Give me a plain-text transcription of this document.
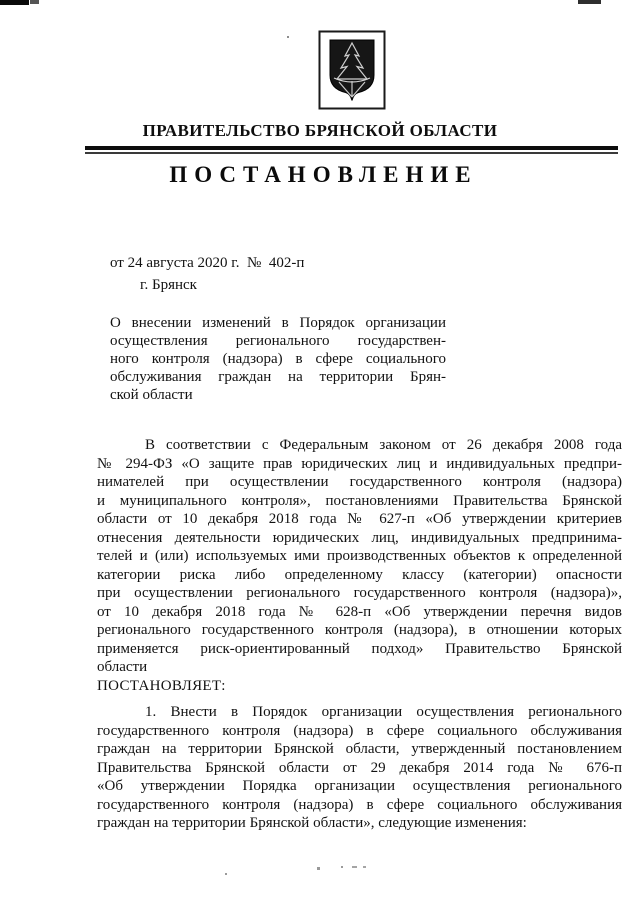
ПРАВИТЕЛЬСТВО БРЯНСКОЙ ОБЛАСТИ
ПОСТАНОВЛЕНИЕ
от 24 августа 2020 г.  №  402-п
г. Брянск
О внесении изменений в Порядок организации
осуществления регионального государствен-
ного контроля (надзора) в сфере социального
обслуживания граждан на территории Брян-
ской области
В соответствии с Федеральным законом от 26 декабря 2008 года
№ 294-ФЗ «О защите прав юридических лиц и индивидуальных предпри-
нимателей при осуществлении государственного контроля (надзора)
и муниципального контроля», постановлениями Правительства Брянской
области от 10 декабря 2018 года № 627-п «Об утверждении критериев
отнесения деятельности юридических лиц, индивидуальных предпринима-
телей и (или) используемых ими производственных объектов к определенной
категории риска либо определенному классу (категории) опасности
при осуществлении регионального государственного контроля (надзора)»,
от 10 декабря 2018 года № 628-п «Об утверждении перечня видов
регионального государственного контроля (надзора), в отношении которых
применяется риск-ориентированный подход» Правительство Брянской
области
ПОСТАНОВЛЯЕТ:
1. Внести в Порядок организации осуществления регионального
государственного контроля (надзора) в сфере социального обслуживания
граждан на территории Брянской области, утвержденный постановлением
Правительства Брянской области от 29 декабря 2014 года № 676-п
«Об утверждении Порядка организации осуществления регионального
государственного контроля (надзора) в сфере социального обслуживания
граждан на территории Брянской области», следующие изменения:
